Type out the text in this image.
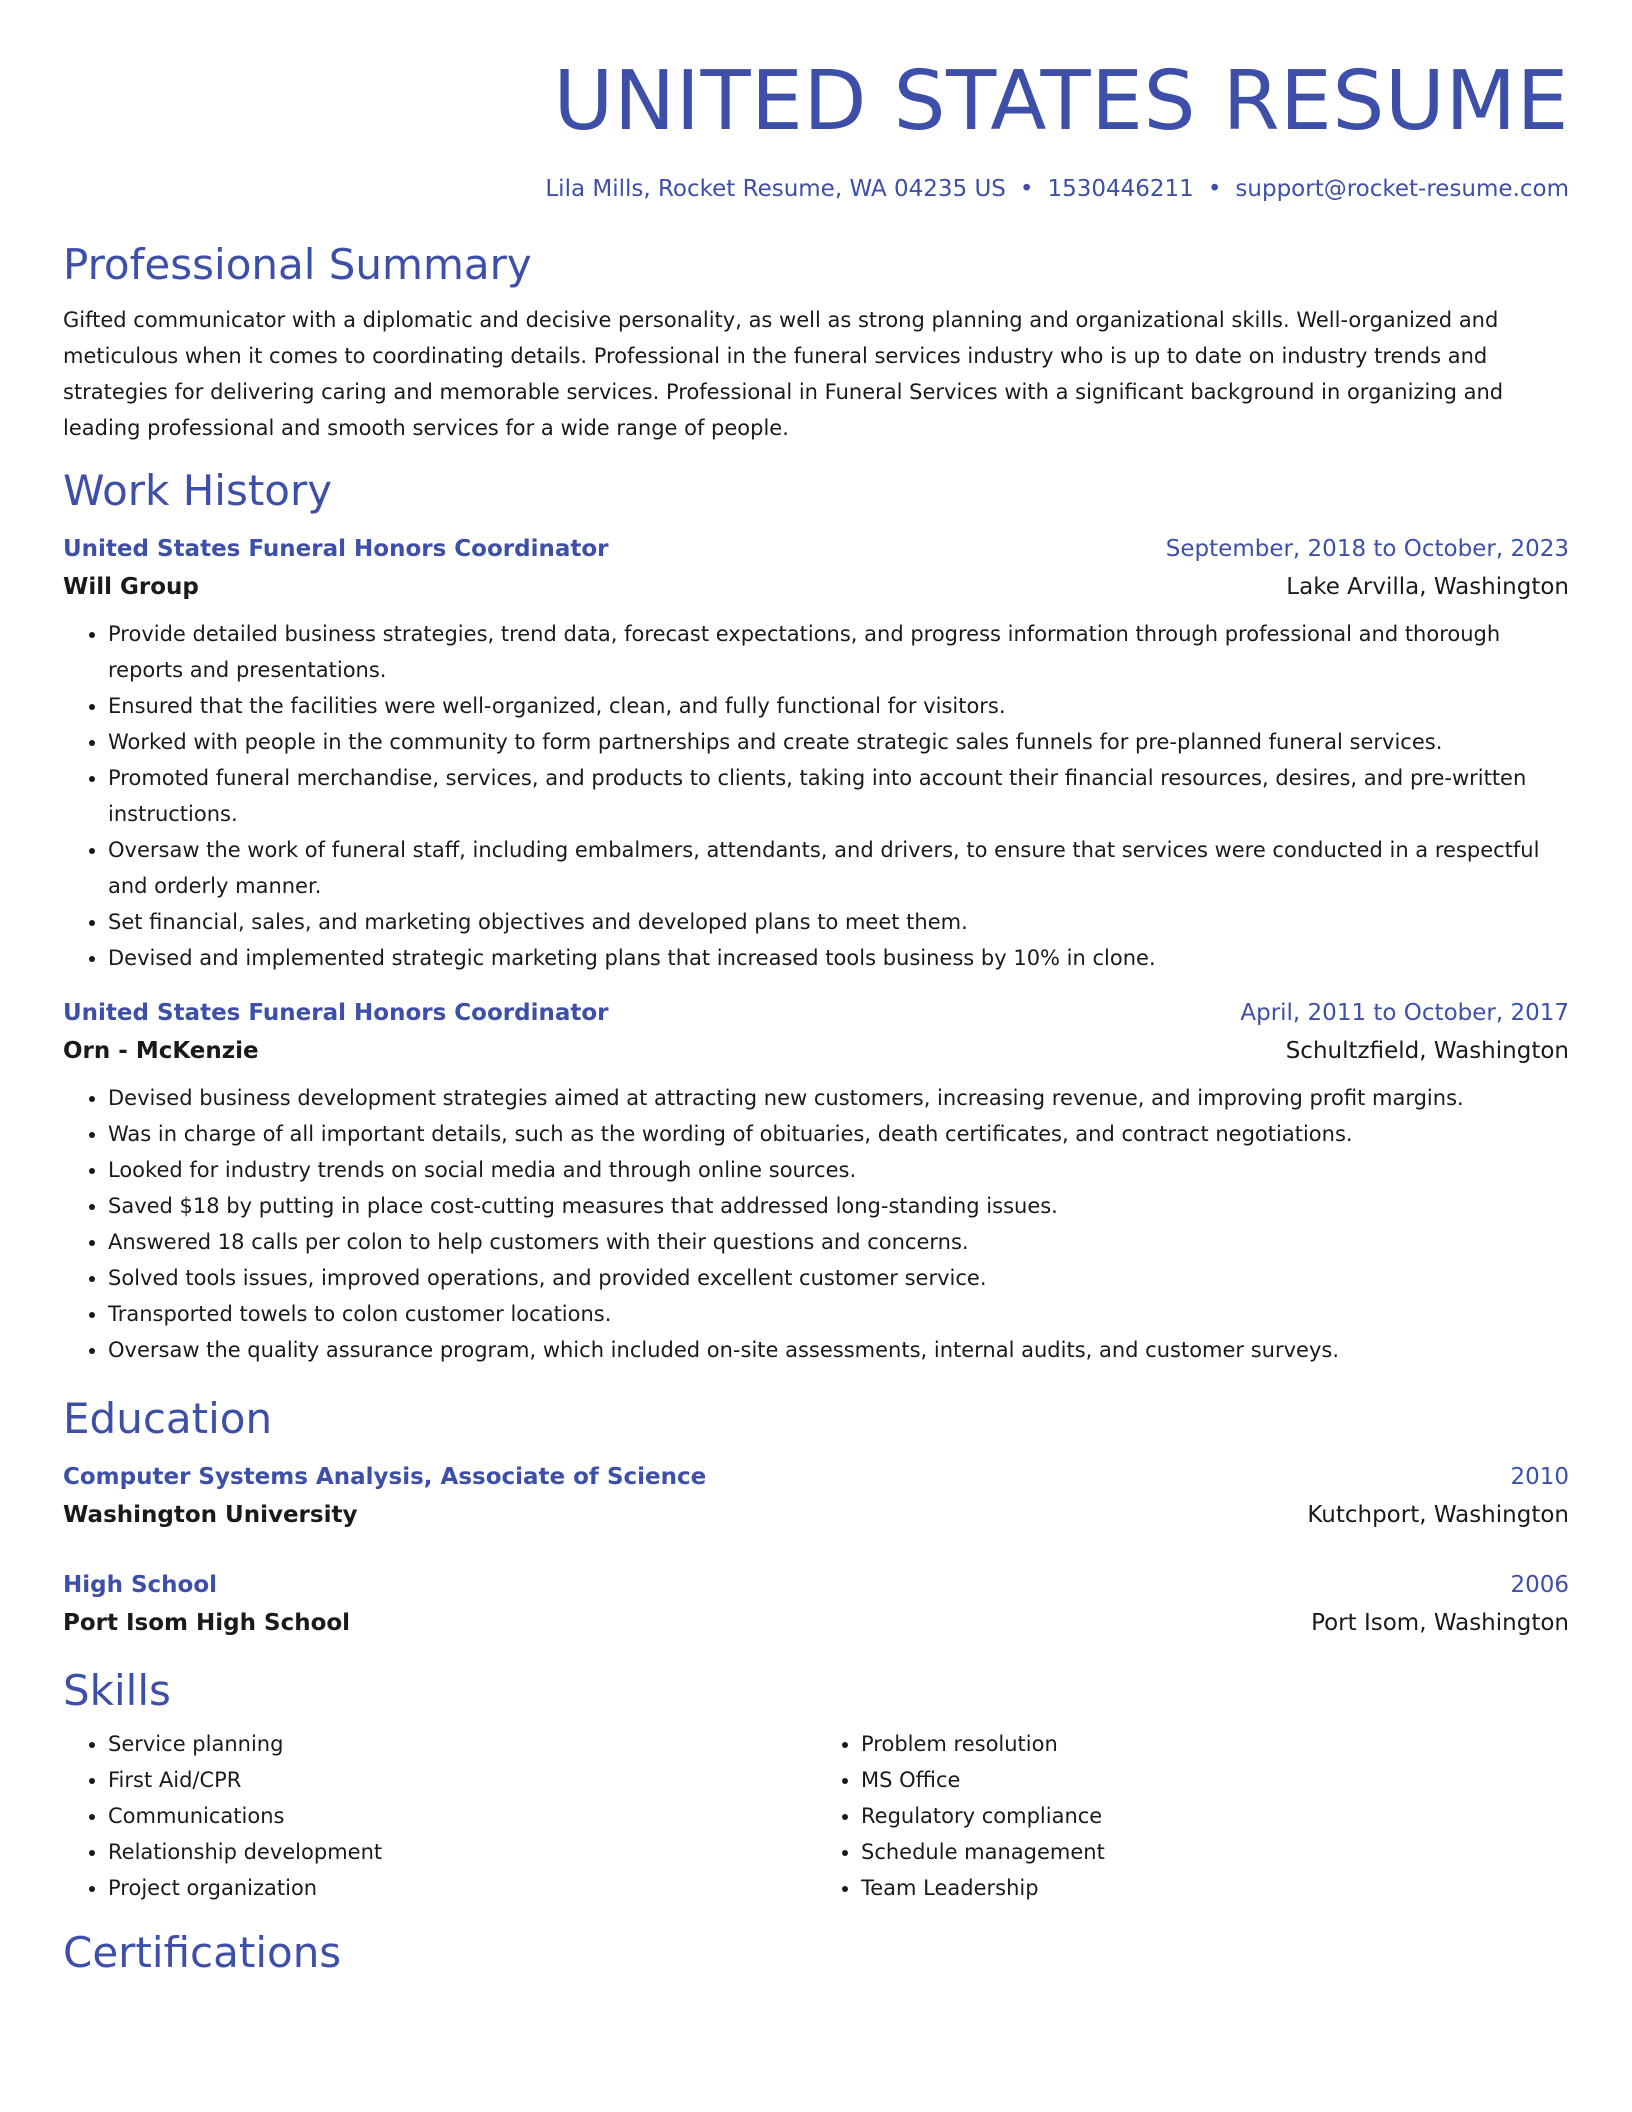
UNITED STATES RESUME
Lila Mills, Rocket Resume, WA 04235 US • 1530446211 • support@rocket-resume.com
Professional Summary

Gifted communicator with a diplomatic and decisive personality, as well as strong planning and organizational skills. Well-organized and meticulous when it comes to coordinating details. Professional in the funeral services industry who is up to date on industry trends and strategies for delivering caring and memorable services. Professional in Funeral Services with a significant background in organizing and leading professional and smooth services for a wide range of people.

Work History
United States Funeral Honors Coordinator	September, 2018 to October, 2023
Will Group	Lake Arvilla, Washington
• Provide detailed business strategies, trend data, forecast expectations, and progress information through professional and thorough reports and presentations.
• Ensured that the facilities were well-organized, clean, and fully functional for visitors.
• Worked with people in the community to form partnerships and create strategic sales funnels for pre-planned funeral services.
• Promoted funeral merchandise, services, and products to clients, taking into account their financial resources, desires, and pre-written instructions.
• Oversaw the work of funeral staff, including embalmers, attendants, and drivers, to ensure that services were conducted in a respectful and orderly manner.
• Set financial, sales, and marketing objectives and developed plans to meet them.
• Devised and implemented strategic marketing plans that increased tools business by 10% in clone.
United States Funeral Honors Coordinator	April, 2011 to October, 2017
Orn - McKenzie	Schultzfield, Washington
• Devised business development strategies aimed at attracting new customers, increasing revenue, and improving profit margins.
• Was in charge of all important details, such as the wording of obituaries, death certificates, and contract negotiations.
• Looked for industry trends on social media and through online sources.
• Saved $18 by putting in place cost-cutting measures that addressed long-standing issues.
• Answered 18 calls per colon to help customers with their questions and concerns.
• Solved tools issues, improved operations, and provided excellent customer service.
• Transported towels to colon customer locations.
• Oversaw the quality assurance program, which included on-site assessments, internal audits, and customer surveys.
Education
Computer Systems Analysis, Associate of Science	2010
Washington University	Kutchport, Washington
High School	2006
Port Isom High School	Port Isom, Washington
Skills
• Service planning
• First Aid/CPR
• Communications
• Relationship development
• Project organization
• Problem resolution
• MS Office
• Regulatory compliance
• Schedule management
• Team Leadership
Certifications
